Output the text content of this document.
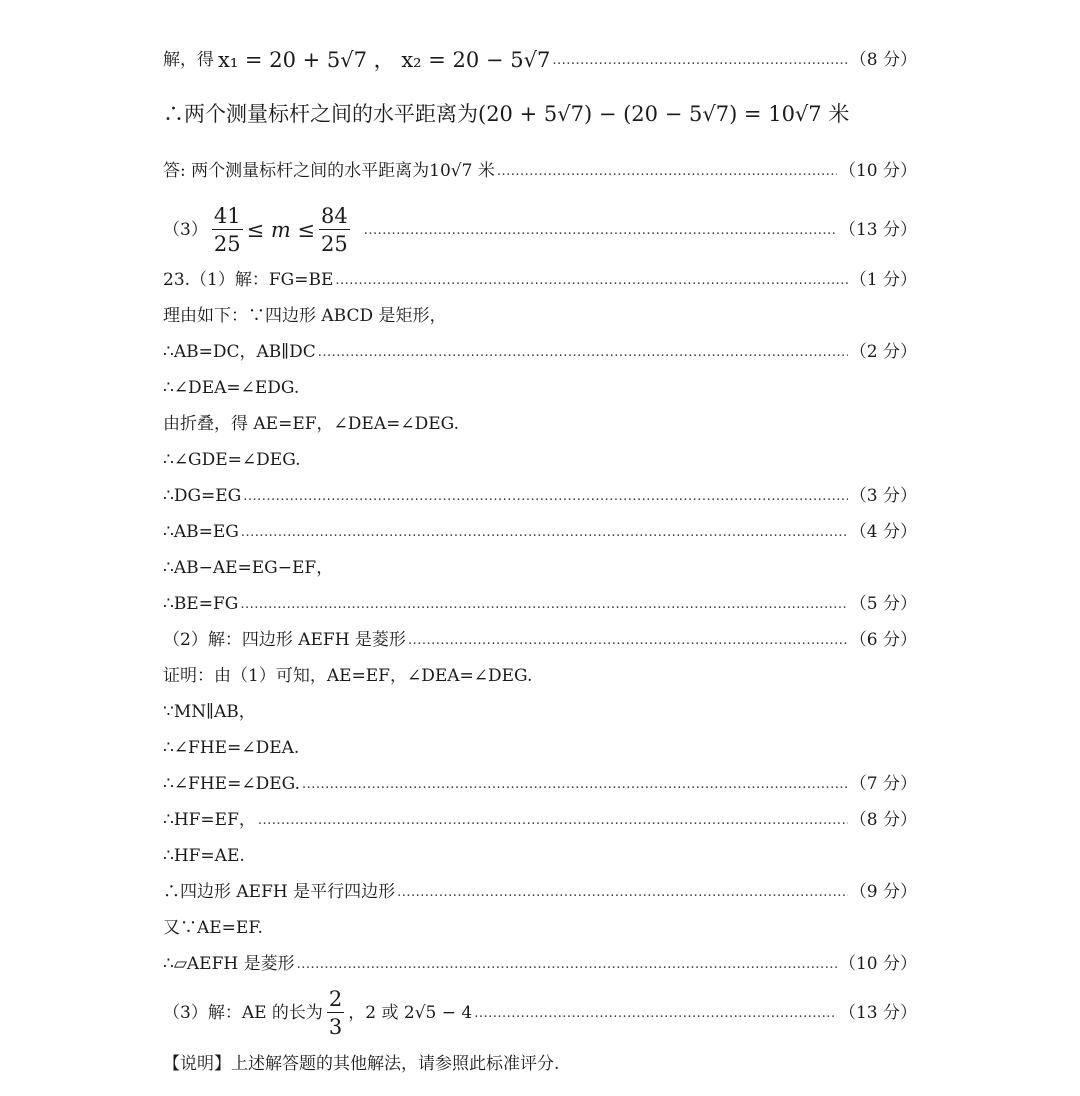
解，得 x₁ = 20 + 5√7 ， x₂ = 20 − 5√7 .....	（8 分）
∴两个测量标杆之间的水平距离为(20 + 5√7) − (20 − 5√7) = 10√7 米
答: 两个测量标杆之间的水平距离为10√7 米 .....	（10 分）
$(3) \frac{41}{25} \le m \le \frac{84}{25}$ .....	（13 分）
23.（1）解：FG=BE .....	（1 分）
理由如下：∵四边形 ABCD 是矩形，
∴AB=DC，AB∥DC .....	（2 分）
∴∠DEA=∠EDG.
由折叠，得 AE=EF，∠DEA=∠DEG.
∴∠GDE=∠DEG.
∴DG=EG .....	（3 分）
∴AB=EG .....	（4 分）
∴AB−AE=EG−EF，
∴BE=FG .....	（5 分）
（2）解：四边形 AEFH 是菱形 .....	（6 分）
证明：由（1）可知，AE=EF，∠DEA=∠DEG.
∵MN∥AB，
∴∠FHE=∠DEA.
∴∠FHE=∠DEG. .....	（7 分）
∴HF=EF， .....	（8 分）
∴HF=AE.
∴四边形 AEFH 是平行四边形 .....	（9 分）
又∵AE=EF.
∴▱AEFH 是菱形 .....	（10 分）
（3）解：AE 的长为 $\frac{2}{3}$ ，2 或 2√5 − 4 .....	（13 分）
【说明】上述解答题的其他解法，请参照此标准评分.
